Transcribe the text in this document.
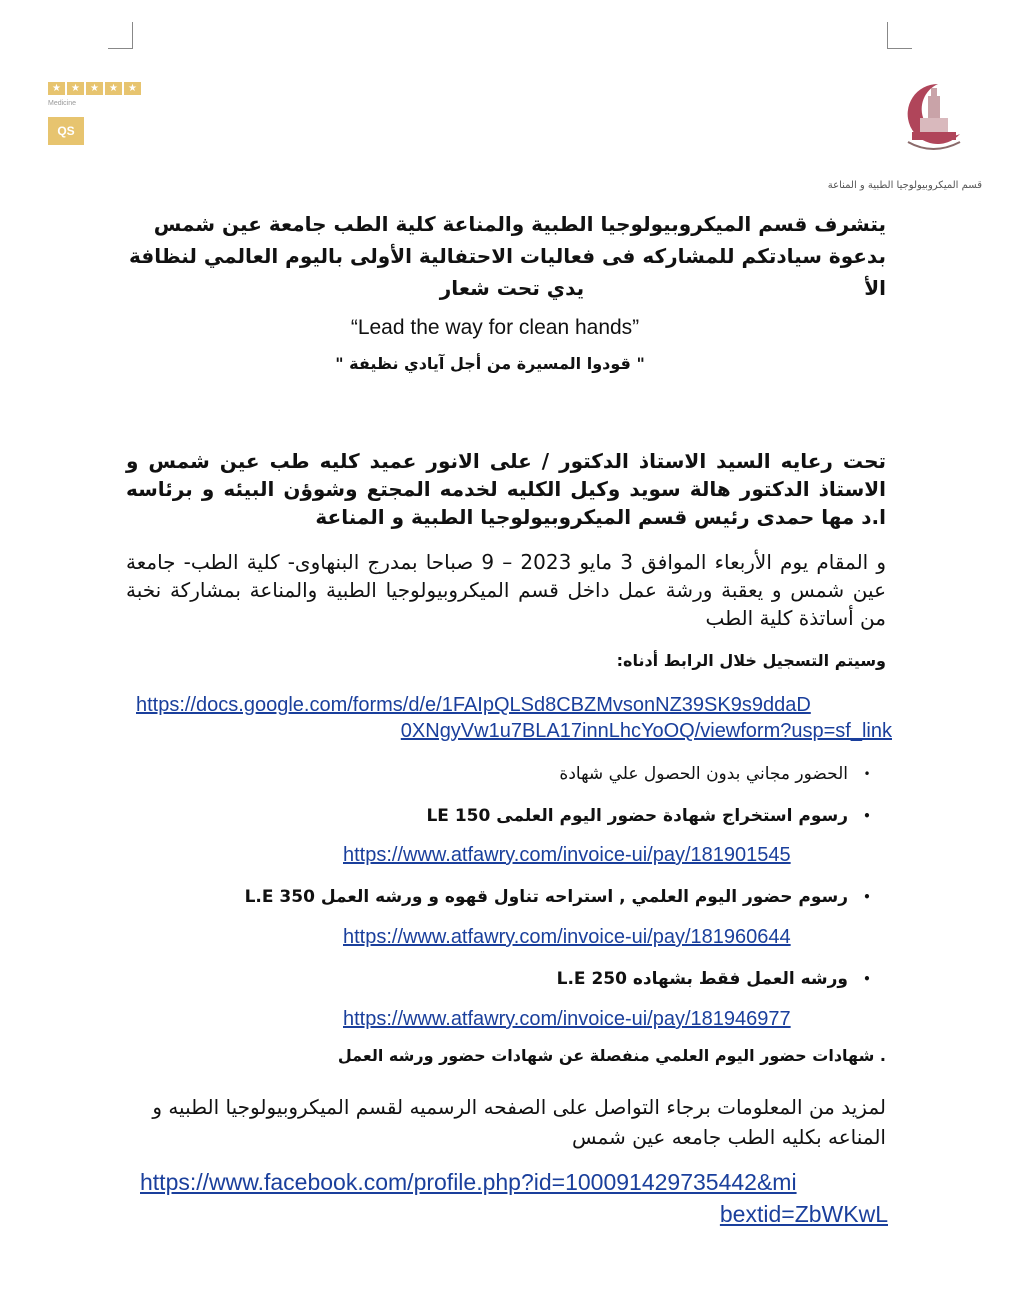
★	★	★	★	★
Medicine
QS
قسم الميكروبيولوجيا الطبية و المناعة
يتشرف قسم الميكروبيولوجيا الطبية والمناعة كلية الطب جامعة عين شمس
بدعوة سيادتكم للمشاركه فى فعاليات الاحتفالية الأولى باليوم العالمي لنظافة الأ
يدي تحت شعار
“Lead the way for clean hands”
" قودوا المسيرة من أجل آيادي نظيفة "
تحت رعايه السيد الاستاذ الدكتور / على الانور عميد كليه طب عين شمس و الاستاذ الدكتور هالة سويد وكيل الكليه لخدمه المجتع وشوؤن البيئه و برئاسه ا.د مها حمدى رئيس قسم الميكروبيولوجيا الطبية و المناعة
و المقام يوم الأربعاء الموافق 3 مايو 2023 – 9 صباحا بمدرج البنهاوى- كلية الطب- جامعة عين شمس و يعقبة ورشة عمل داخل قسم الميكروبيولوجيا الطبية والمناعة بمشاركة نخبة من أساتذة كلية الطب
وسيتم التسجيل خلال الرابط أدناه:
https://docs.google.com/forms/d/e/1FAIpQLSd8CBZMvsonNZ39SK9s9ddaD
0XNgyVw1u7BLA17innLhcYoOQ/viewform?usp=sf_link
•الحضور مجاني بدون الحصول علي شهادة
•رسوم استخراج شهادة حضور اليوم العلمى LE 150
https://www.atfawry.com/invoice-ui/pay/181901545
•رسوم حضور اليوم العلمي , استراحه تناول قهوه و ورشه العمل L.E 350
https://www.atfawry.com/invoice-ui/pay/181960644
•ورشه العمل فقط بشهاده L.E 250
https://www.atfawry.com/invoice-ui/pay/181946977
. شهادات حضور اليوم العلمي منفصلة عن شهادات حضور ورشه العمل
لمزيد من المعلومات برجاء التواصل على الصفحه الرسميه لقسم الميكروبيولوجيا الطبيه و المناعه بكليه الطب جامعه عين شمس
https://www.facebook.com/profile.php?id=100091429735442&mi
bextid=ZbWKwL
